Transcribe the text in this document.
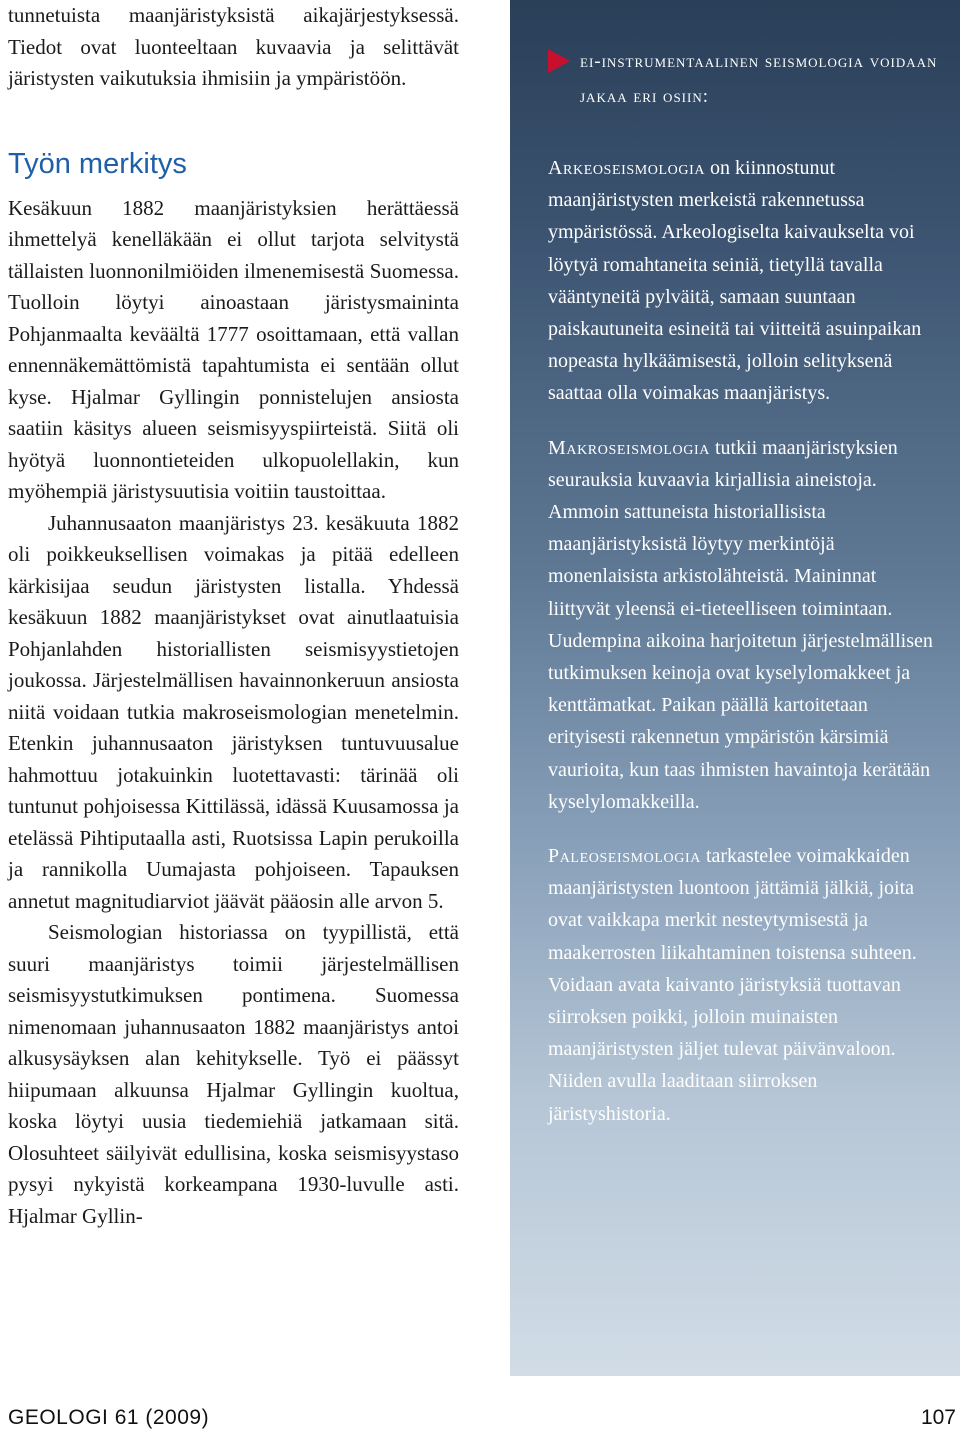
tunnetuista maanjäristyksistä aikajärjestyksessä. Tiedot ovat luonteeltaan kuvaavia ja selittävät järistysten vaikutuksia ihmisiin ja ympäristöön.

Työn merkitys

Kesäkuun 1882 maanjäristyksien herättäessä ihmettelyä kenelläkään ei ollut tarjota selvitystä tällaisten luonnonilmiöiden ilmenemisestä Suomessa. Tuolloin löytyi ainoastaan järistysmaininta Pohjanmaalta keväältä 1777 osoittamaan, että vallan ennennäkemättömistä tapahtumista ei sentään ollut kyse. Hjalmar Gyllingin ponnistelujen ansiosta saatiin käsitys alueen seismisyyspiirteistä. Siitä oli hyötyä luonnontieteiden ulkopuolellakin, kun myöhempiä järistysuutisia voitiin taustoittaa.

Juhannusaaton maanjäristys 23. kesäkuuta 1882 oli poikkeuksellisen voimakas ja pitää edelleen kärkisijaa seudun järistysten listalla. Yhdessä kesäkuun 1882 maanjäristykset ovat ainutlaatuisia Pohjanlahden historiallisten seismisyystietojen joukossa. Järjestelmällisen havainnonkeruun ansiosta niitä voidaan tutkia makroseismologian menetelmin. Etenkin juhannusaaton järistyksen tuntuvuusalue hahmottuu jotakuinkin luotettavasti: tärinää oli tuntunut pohjoisessa Kittilässä, idässä Kuusamossa ja etelässä Pihtiputaalla asti, Ruotsissa Lapin perukoilla ja rannikolla Uumajasta pohjoiseen. Tapauksen annetut magnitudiarviot jäävät pääosin alle arvon 5.

Seismologian historiassa on tyypillistä, että suuri maanjäristys toimii järjestelmällisen seismisyystutkimuksen pontimena. Suomessa nimenomaan juhannusaaton 1882 maanjäristys antoi alkusysäyksen alan kehitykselle. Työ ei päässyt hiipumaan alkuunsa Hjalmar Gyllingin kuoltua, koska löytyi uusia tiedemiehiä jatkamaan sitä. Olosuhteet säilyivät edullisina, koska seismisyystaso pysyi nykyistä korkeampana 1930-luvulle asti. Hjalmar Gyllin-

ei-instrumentaalinen seismologia voidaan jakaa eri osiin:

Arkeoseismologia on kiinnostunut maanjäristysten merkeistä rakennetussa ympäristössä. Arkeologiselta kaivaukselta voi löytyä romahtaneita seiniä, tietyllä tavalla vääntyneitä pylväitä, samaan suuntaan paiskautuneita esineitä tai viitteitä asuinpaikan nopeasta hylkäämisestä, jolloin selityksenä saattaa olla voimakas maanjäristys.

Makroseismologia tutkii maanjäristyksien seurauksia kuvaavia kirjallisia aineistoja. Ammoin sattuneista historiallisista maanjäristyksistä löytyy merkintöjä monenlaisista arkistolähteistä. Maininnat liittyvät yleensä ei-tieteelliseen toimintaan. Uudempina aikoina harjoitetun järjestelmällisen tutkimuksen keinoja ovat kyselylomakkeet ja kenttämatkat. Paikan päällä kartoitetaan erityisesti rakennetun ympäristön kärsimiä vaurioita, kun taas ihmisten havaintoja kerätään kyselylomakkeilla.

Paleoseismologia tarkastelee voimakkaiden maanjäristysten luontoon jättämiä jälkiä, joita ovat vaikkapa merkit nesteytymisestä ja maakerrosten liikahtaminen toistensa suhteen. Voidaan avata kaivanto järistyksiä tuottavan siirroksen poikki, jolloin muinaisten maanjäristysten jäljet tulevat päivänvaloon. Niiden avulla laaditaan siirroksen järistyshistoria.

GEOLOGI 61 (2009)	107
